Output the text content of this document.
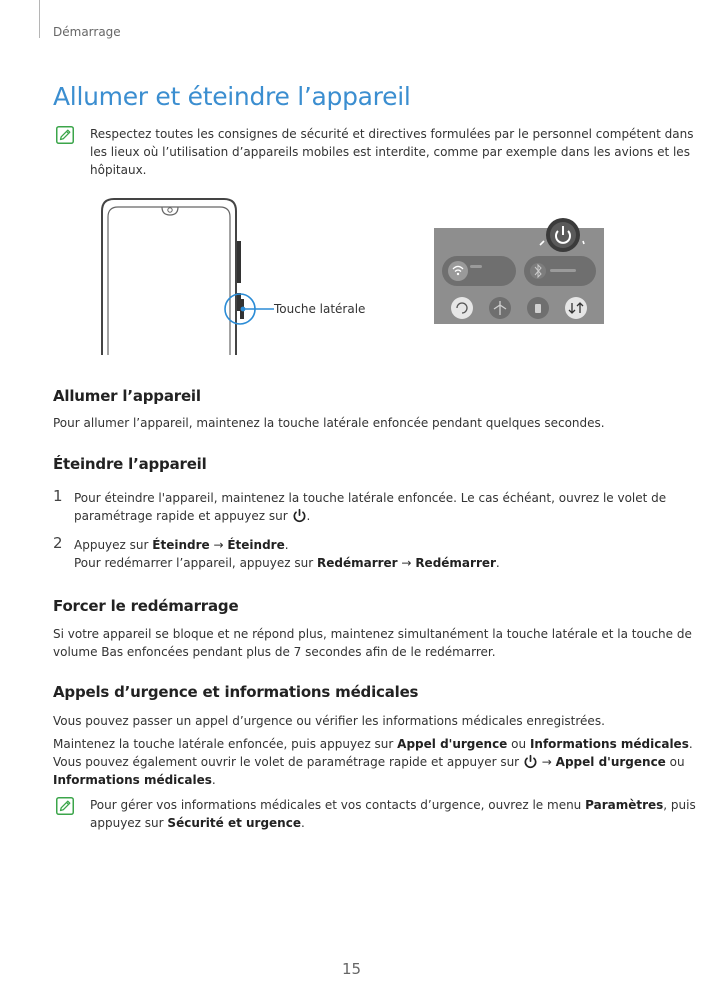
Démarrage
Allumer et éteindre l’appareil
Respectez toutes les consignes de sécurité et directives formulées par le personnel compétent dans
les lieux où l’utilisation d’appareils mobiles est interdite, comme par exemple dans les avions et les
hôpitaux.
Touche latérale
Allumer l’appareil
Pour allumer l’appareil, maintenez la touche latérale enfoncée pendant quelques secondes.
Éteindre l’appareil
1 Pour éteindre l'appareil, maintenez la touche latérale enfoncée. Le cas échéant, ouvrez le volet de
paramétrage rapide et appuyez sur .
2 Appuyez sur Éteindre → Éteindre.
Pour redémarrer l’appareil, appuyez sur Redémarrer → Redémarrer.
Forcer le redémarrage
Si votre appareil se bloque et ne répond plus, maintenez simultanément la touche latérale et la touche de
volume Bas enfoncées pendant plus de 7 secondes afin de le redémarrer.
Appels d’urgence et informations médicales
Vous pouvez passer un appel d’urgence ou vérifier les informations médicales enregistrées.
Maintenez la touche latérale enfoncée, puis appuyez sur Appel d'urgence ou Informations médicales.
Vous pouvez également ouvrir le volet de paramétrage rapide et appuyer sur → Appel d'urgence ou
Informations médicales.
Pour gérer vos informations médicales et vos contacts d’urgence, ouvrez le menu Paramètres, puis
appuyez sur Sécurité et urgence.
15
